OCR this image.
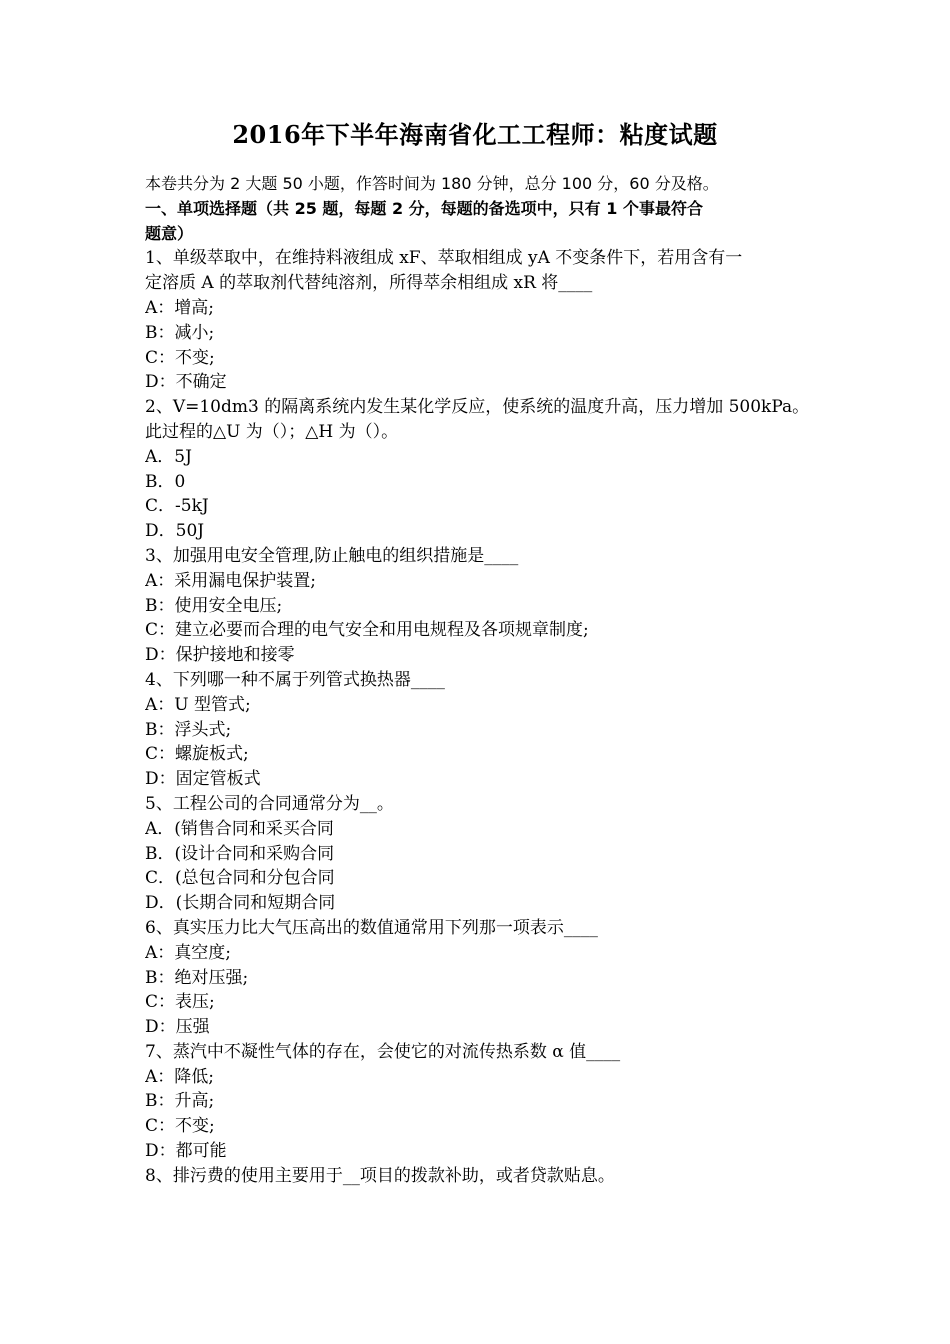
2016年下半年海南省化工工程师：粘度试题
本卷共分为 2 大题 50 小题，作答时间为 180 分钟，总分 100 分，60 分及格。
一、单项选择题（共 25 题，每题 2 分，每题的备选项中，只有 1 个事最符合
题意）
1、单级萃取中，在维持料液组成 xF、萃取相组成 yA 不变条件下，若用含有一
定溶质 A 的萃取剂代替纯溶剂，所得萃余相组成 xR 将____
A：增高;
B：减小;
C：不变;
D：不确定
2、V=10dm3 的隔离系统内发生某化学反应，使系统的温度升高，压力增加 500kPa。
此过程的△U 为（）；△H 为（）。
A．5J
B．0
C．-5kJ
D．50J
3、加强用电安全管理,防止触电的组织措施是____
A：采用漏电保护装置;
B：使用安全电压;
C：建立必要而合理的电气安全和用电规程及各项规章制度;
D：保护接地和接零
4、下列哪一种不属于列管式换热器____
A：U 型管式;
B：浮头式;
C：螺旋板式;
D：固定管板式
5、工程公司的合同通常分为__。
A．(销售合同和采买合同
B．(设计合同和采购合同
C．(总包合同和分包合同
D．(长期合同和短期合同
6、真实压力比大气压高出的数值通常用下列那一项表示____
A：真空度;
B：绝对压强;
C：表压;
D：压强
7、蒸汽中不凝性气体的存在，会使它的对流传热系数 α 值____
A：降低;
B：升高;
C：不变;
D：都可能
8、排污费的使用主要用于__项目的拨款补助，或者贷款贴息。
